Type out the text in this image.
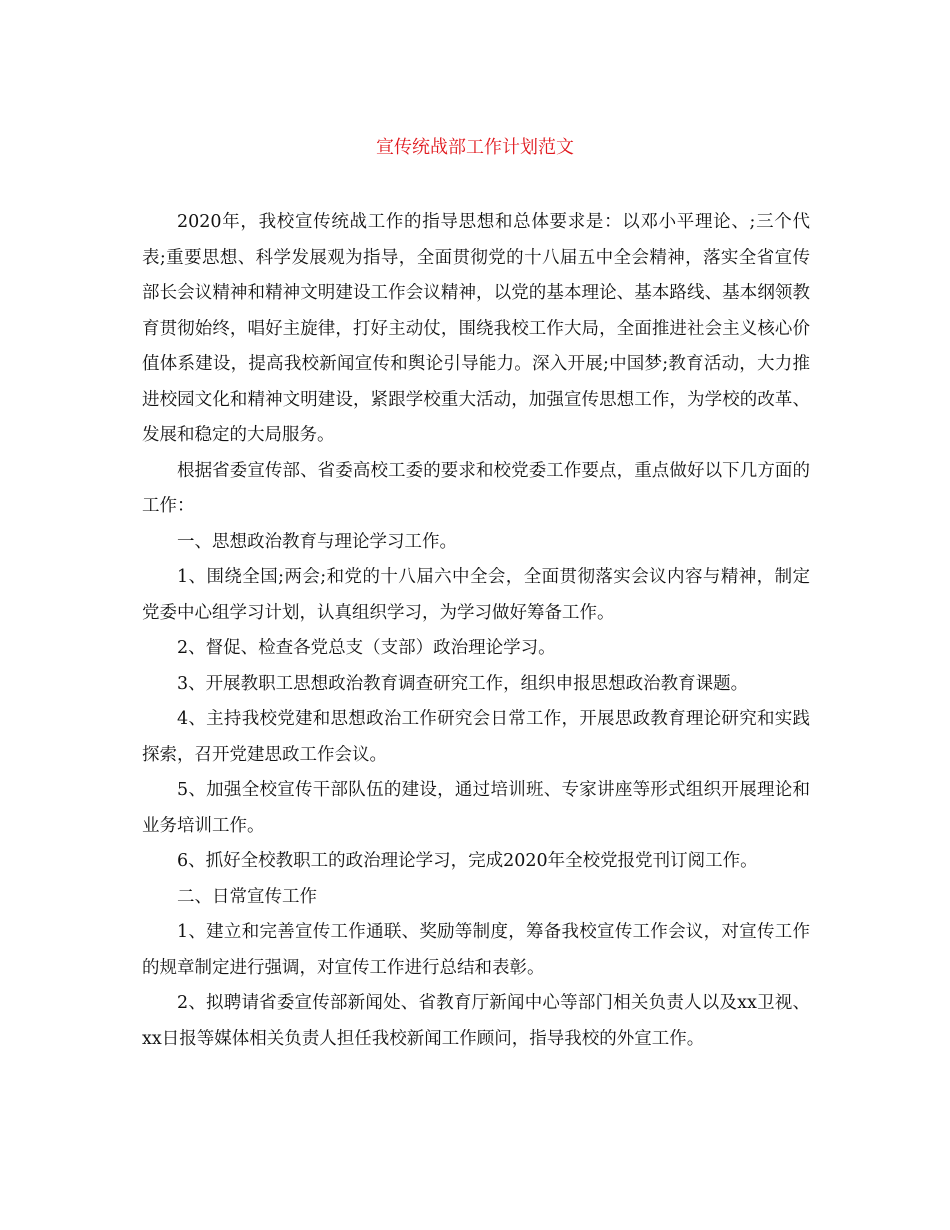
宣传统战部工作计划范文

2020年，我校宣传统战工作的指导思想和总体要求是：以邓小平理论、;三个代表;重要思想、科学发展观为指导，全面贯彻党的十八届五中全会精神，落实全省宣传部长会议精神和精神文明建设工作会议精神，以党的基本理论、基本路线、基本纲领教育贯彻始终，唱好主旋律，打好主动仗，围绕我校工作大局，全面推进社会主义核心价值体系建设，提高我校新闻宣传和舆论引导能力。深入开展;中国梦;教育活动，大力推进校园文化和精神文明建设，紧跟学校重大活动，加强宣传思想工作，为学校的改革、发展和稳定的大局服务。

根据省委宣传部、省委高校工委的要求和校党委工作要点，重点做好以下几方面的工作：

一、思想政治教育与理论学习工作。

1、围绕全国;两会;和党的十八届六中全会，全面贯彻落实会议内容与精神，制定党委中心组学习计划，认真组织学习，为学习做好筹备工作。

2、督促、检查各党总支（支部）政治理论学习。

3、开展教职工思想政治教育调查研究工作，组织申报思想政治教育课题。

4、主持我校党建和思想政治工作研究会日常工作，开展思政教育理论研究和实践探索，召开党建思政工作会议。

5、加强全校宣传干部队伍的建设，通过培训班、专家讲座等形式组织开展理论和业务培训工作。

6、抓好全校教职工的政治理论学习，完成2020年全校党报党刊订阅工作。

二、日常宣传工作

1、建立和完善宣传工作通联、奖励等制度，筹备我校宣传工作会议，对宣传工作的规章制定进行强调，对宣传工作进行总结和表彰。

2、拟聘请省委宣传部新闻处、省教育厅新闻中心等部门相关负责人以及xx卫视、xx日报等媒体相关负责人担任我校新闻工作顾问，指导我校的外宣工作。
